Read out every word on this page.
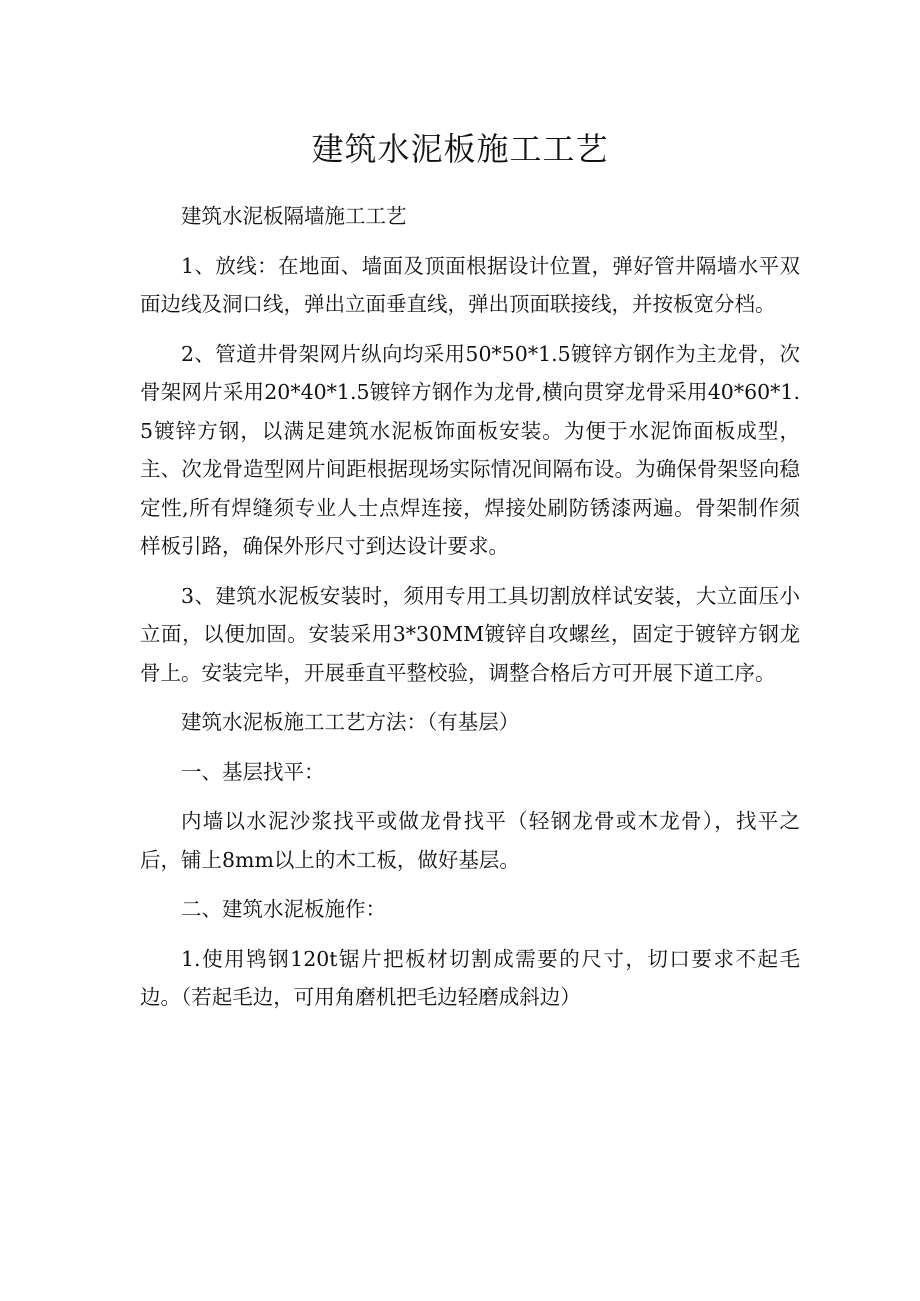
建筑水泥板施工工艺

建筑水泥板隔墙施工工艺

1、放线：在地面、墙面及顶面根据设计位置，弹好管井隔墙水平双面边线及洞口线，弹出立面垂直线，弹出顶面联接线，并按板宽分档。

2、管道井骨架网片纵向均采用50*50*1.5镀锌方钢作为主龙骨，次骨架网片采用20*40*1.5镀锌方钢作为龙骨,横向贯穿龙骨采用40*60*1.5镀锌方钢，以满足建筑水泥板饰面板安装。为便于水泥饰面板成型，主、次龙骨造型网片间距根据现场实际情况间隔布设。为确保骨架竖向稳定性,所有焊缝须专业人士点焊连接，焊接处刷防锈漆两遍。骨架制作须样板引路，确保外形尺寸到达设计要求。

3、建筑水泥板安装时，须用专用工具切割放样试安装，大立面压小立面，以便加固。安装采用3*30MM镀锌自攻螺丝，固定于镀锌方钢龙骨上。安装完毕，开展垂直平整校验，调整合格后方可开展下道工序。

建筑水泥板施工工艺方法：（有基层）

一、基层找平：

内墙以水泥沙浆找平或做龙骨找平（轻钢龙骨或木龙骨），找平之后，铺上8mm以上的木工板，做好基层。

二、建筑水泥板施作：

1.使用鸨钢120t锯片把板材切割成需要的尺寸，切口要求不起毛边。（若起毛边，可用角磨机把毛边轻磨成斜边）
